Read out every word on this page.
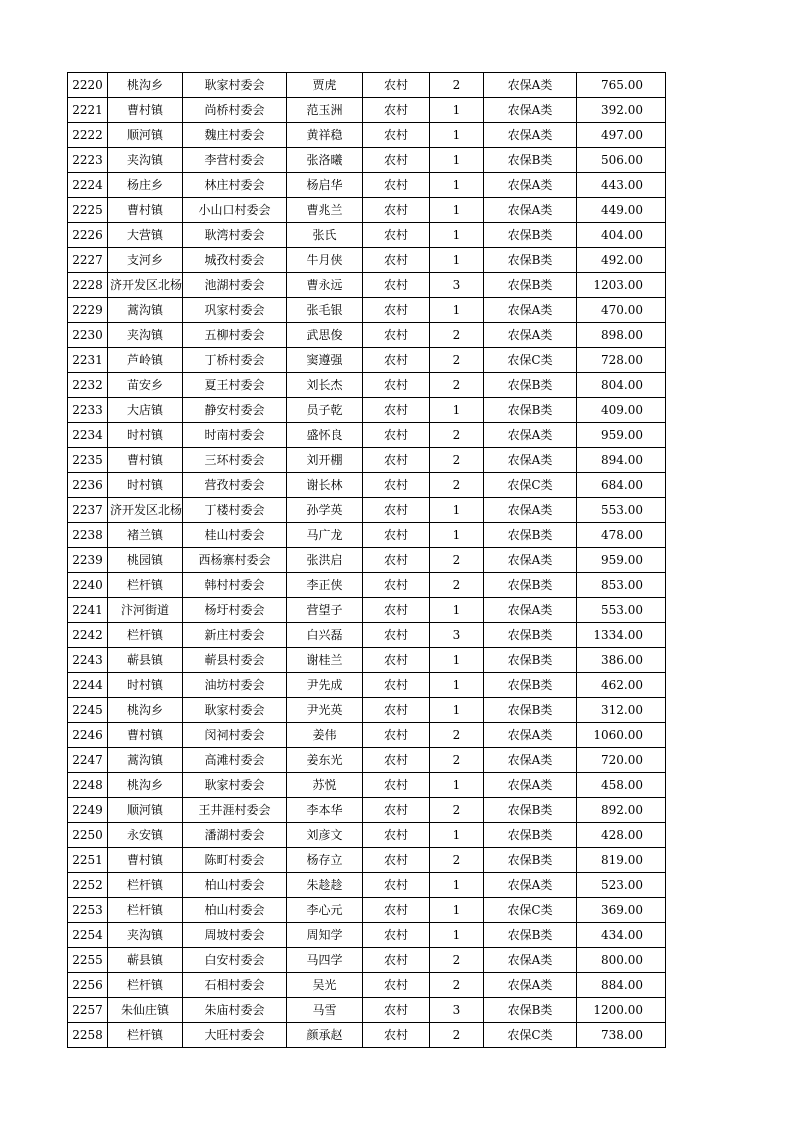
2220	桃沟乡	耿家村委会	贾虎	农村	2	农保A类	765.00
2221	曹村镇	尚桥村委会	范玉洲	农村	1	农保A类	392.00
2222	顺河镇	魏庄村委会	黄祥稳	农村	1	农保A类	497.00
2223	夹沟镇	李营村委会	张洛曦	农村	1	农保B类	506.00
2224	杨庄乡	林庄村委会	杨启华	农村	1	农保A类	443.00
2225	曹村镇	小山口村委会	曹兆兰	农村	1	农保A类	449.00
2226	大营镇	耿湾村委会	张氏	农村	1	农保B类	404.00
2227	支河乡	城孜村委会	牛月侠	农村	1	农保B类	492.00
2228	济开发区北杨	池湖村委会	曹永远	农村	3	农保B类	1203.00
2229	蒿沟镇	巩家村委会	张毛银	农村	1	农保A类	470.00
2230	夹沟镇	五柳村委会	武思俊	农村	2	农保A类	898.00
2231	芦岭镇	丁桥村委会	窦遵强	农村	2	农保C类	728.00
2232	苗安乡	夏王村委会	刘长杰	农村	2	农保B类	804.00
2233	大店镇	静安村委会	员子乾	农村	1	农保B类	409.00
2234	时村镇	时南村委会	盛怀良	农村	2	农保A类	959.00
2235	曹村镇	三环村委会	刘开棚	农村	2	农保A类	894.00
2236	时村镇	营孜村委会	谢长林	农村	2	农保C类	684.00
2237	济开发区北杨	丁楼村委会	孙学英	农村	1	农保A类	553.00
2238	褚兰镇	桂山村委会	马广龙	农村	1	农保B类	478.00
2239	桃园镇	西杨寨村委会	张洪启	农村	2	农保A类	959.00
2240	栏杆镇	韩村村委会	李正侠	农村	2	农保B类	853.00
2241	汴河街道	杨圩村委会	营望子	农村	1	农保A类	553.00
2242	栏杆镇	新庄村委会	白兴磊	农村	3	农保B类	1334.00
2243	蕲县镇	蕲县村委会	谢桂兰	农村	1	农保B类	386.00
2244	时村镇	油坊村委会	尹先成	农村	1	农保B类	462.00
2245	桃沟乡	耿家村委会	尹光英	农村	1	农保B类	312.00
2246	曹村镇	闵祠村委会	姜伟	农村	2	农保A类	1060.00
2247	蒿沟镇	高滩村委会	姜东光	农村	2	农保A类	720.00
2248	桃沟乡	耿家村委会	苏悦	农村	1	农保A类	458.00
2249	顺河镇	王井涯村委会	李本华	农村	2	农保B类	892.00
2250	永安镇	潘湖村委会	刘彦文	农村	1	农保B类	428.00
2251	曹村镇	陈町村委会	杨存立	农村	2	农保B类	819.00
2252	栏杆镇	柏山村委会	朱趁趁	农村	1	农保A类	523.00
2253	栏杆镇	柏山村委会	李心元	农村	1	农保C类	369.00
2254	夹沟镇	周坡村委会	周知学	农村	1	农保B类	434.00
2255	蕲县镇	白安村委会	马四学	农村	2	农保A类	800.00
2256	栏杆镇	石相村委会	吴光	农村	2	农保A类	884.00
2257	朱仙庄镇	朱庙村委会	马雪	农村	3	农保B类	1200.00
2258	栏杆镇	大旺村委会	颜承赵	农村	2	农保C类	738.00
